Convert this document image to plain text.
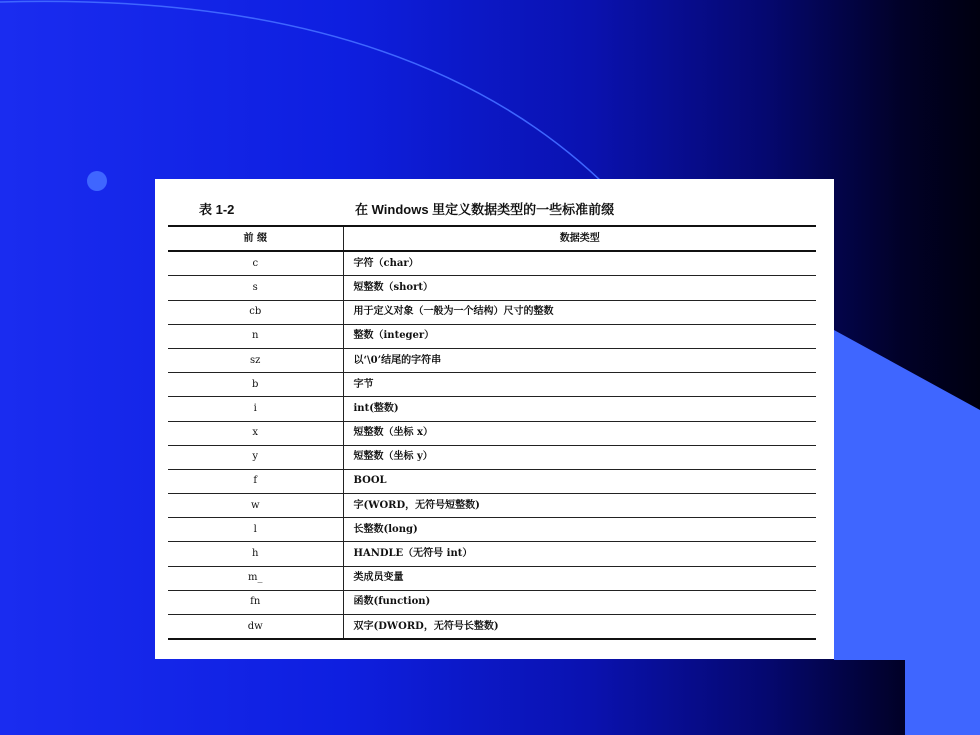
表 1-2	在 Windows 里定义数据类型的一些标准前缀
前 缀	数据类型
c	字符（char）
s	短整数（short）
cb	用于定义对象（一般为一个结构）尺寸的整数
n	整数（integer）
sz	以‘\0’结尾的字符串
b	字节
i	int(整数)
x	短整数（坐标 x）
y	短整数（坐标 y）
f	BOOL
w	字(WORD，无符号短整数)
l	长整数(long)
h	HANDLE（无符号 int）
m_	类成员变量
fn	函数(function)
dw	双字(DWORD，无符号长整数)
